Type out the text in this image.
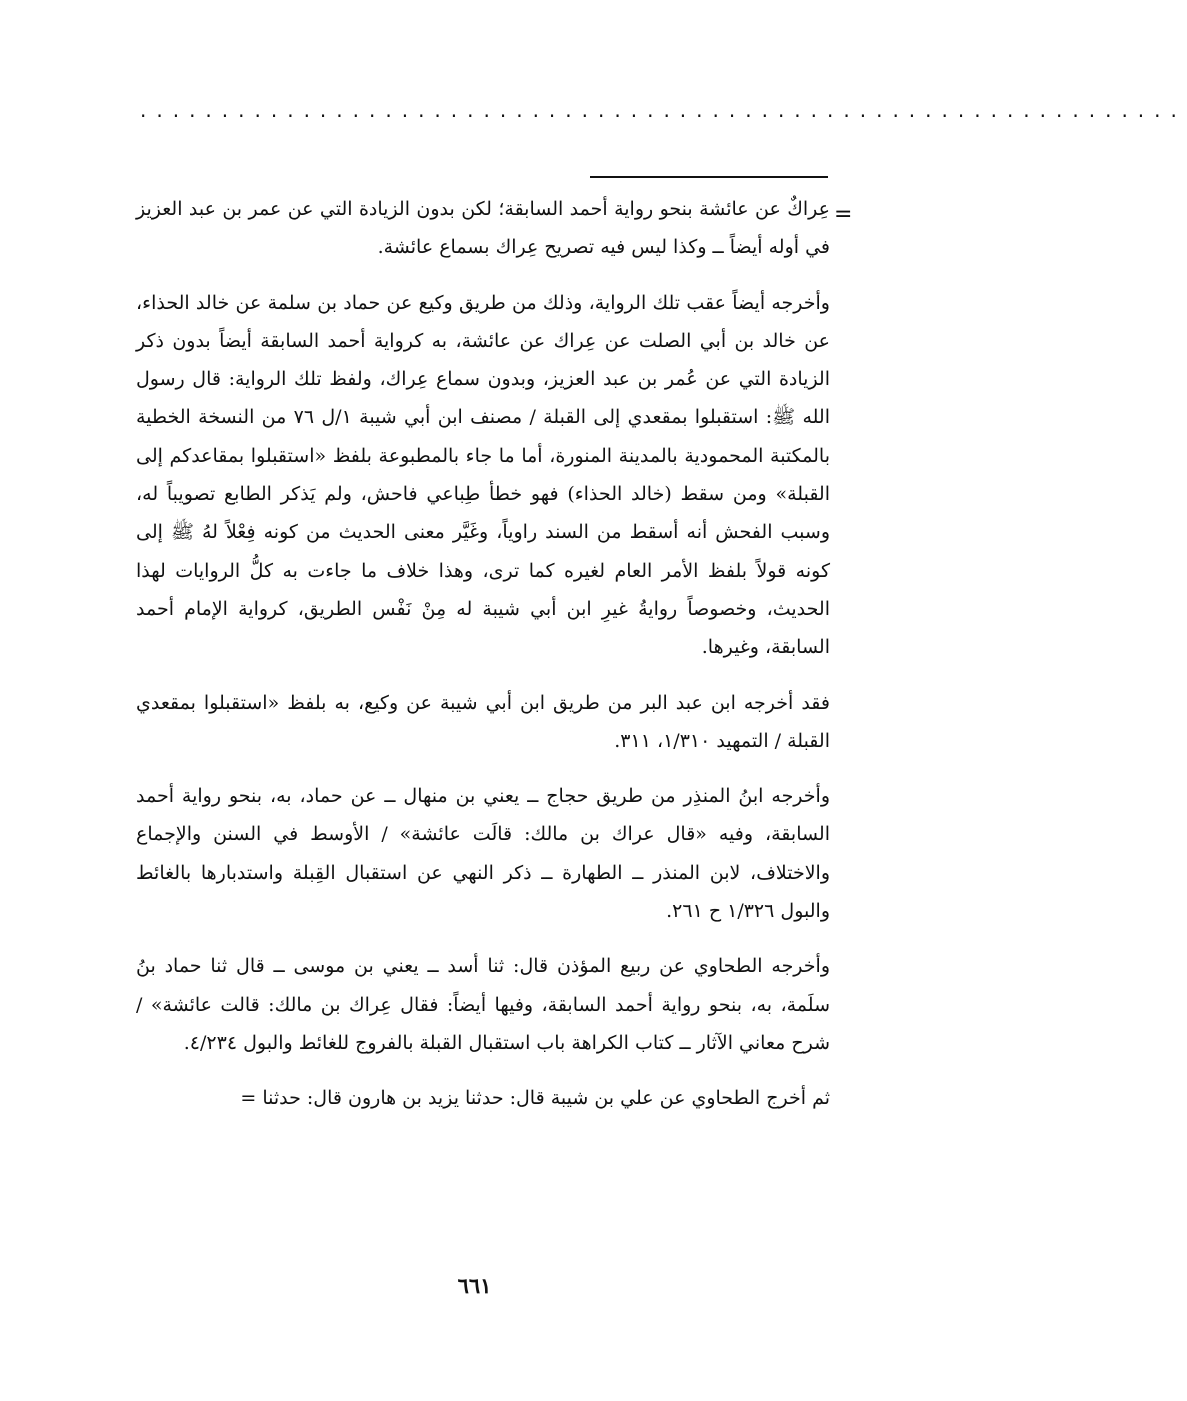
................................................................
=

عِراكٌ عن عائشة بنحو رواية أحمد السابقة؛ لكن بدون الزيادة التي عن عمر بن عبد العزيز في أوله أيضاً ــ وكذا ليس فيه تصريح عِراك بسماع عائشة.

وأخرجه أيضاً عقب تلك الرواية، وذلك من طريق وكيع عن حماد بن سلمة عن خالد الحذاء، عن خالد بن أبي الصلت عن عِراك عن عائشة، به كرواية أحمد السابقة أيضاً بدون ذكر الزيادة التي عن عُمر بن عبد العزيز، وبدون سماع عِراك، ولفظ تلك الرواية: قال رسول الله ﷺ: استقبلوا بمقعدي إلى القبلة / مصنف ابن أبي شيبة ١/ل ٧٦ من النسخة الخطية بالمكتبة المحمودية بالمدينة المنورة، أما ما جاء بالمطبوعة بلفظ «استقبلوا بمقاعدكم إلى القبلة» ومن سقط (خالد الحذاء) فهو خطأ طِباعي فاحش، ولم يَذكر الطابع تصويباً له، وسبب الفحش أنه أسقط من السند راوياً، وغَيَّر معنى الحديث من كونه فِعْلاً لهُ ﷺ إلى كونه قولاً بلفظ الأمر العام لغيره كما ترى، وهذا خلاف ما جاءت به كلُّ الروايات لهذا الحديث، وخصوصاً روايةُ غيرِ ابن أبي شيبة له مِنْ نَفْس الطريق، كرواية الإمام أحمد السابقة، وغيرها.

فقد أخرجه ابن عبد البر من طريق ابن أبي شيبة عن وكيع، به بلفظ «استقبلوا بمقعدي القبلة / التمهيد ١/٣١٠، ٣١١.

وأخرجه ابنُ المنذِر من طريق حجاج ــ يعني بن منهال ــ عن حماد، به، بنحو رواية أحمد السابقة، وفيه «قال عراك بن مالك: قالَت عائشة» / الأوسط في السنن والإجماع والاختلاف، لابن المنذر ــ الطهارة ــ ذكر النهي عن استقبال القِبلة واستدبارها بالغائط والبول ١/٣٢٦ ح ٢٦١.

وأخرجه الطحاوي عن ربيع المؤذن قال: ثنا أسد ــ يعني بن موسى ــ قال ثنا حماد بنُ سلَمة، به، بنحو رواية أحمد السابقة، وفيها أيضاً: فقال عِراك بن مالك: قالت عائشة» / شرح معاني الآثار ــ كتاب الكراهة باب استقبال القبلة بالفروج للغائط والبول ٤/٢٣٤.

ثم أخرج الطحاوي عن علي بن شيبة قال: حدثنا يزيد بن هارون قال: حدثنا =

٦٦١
